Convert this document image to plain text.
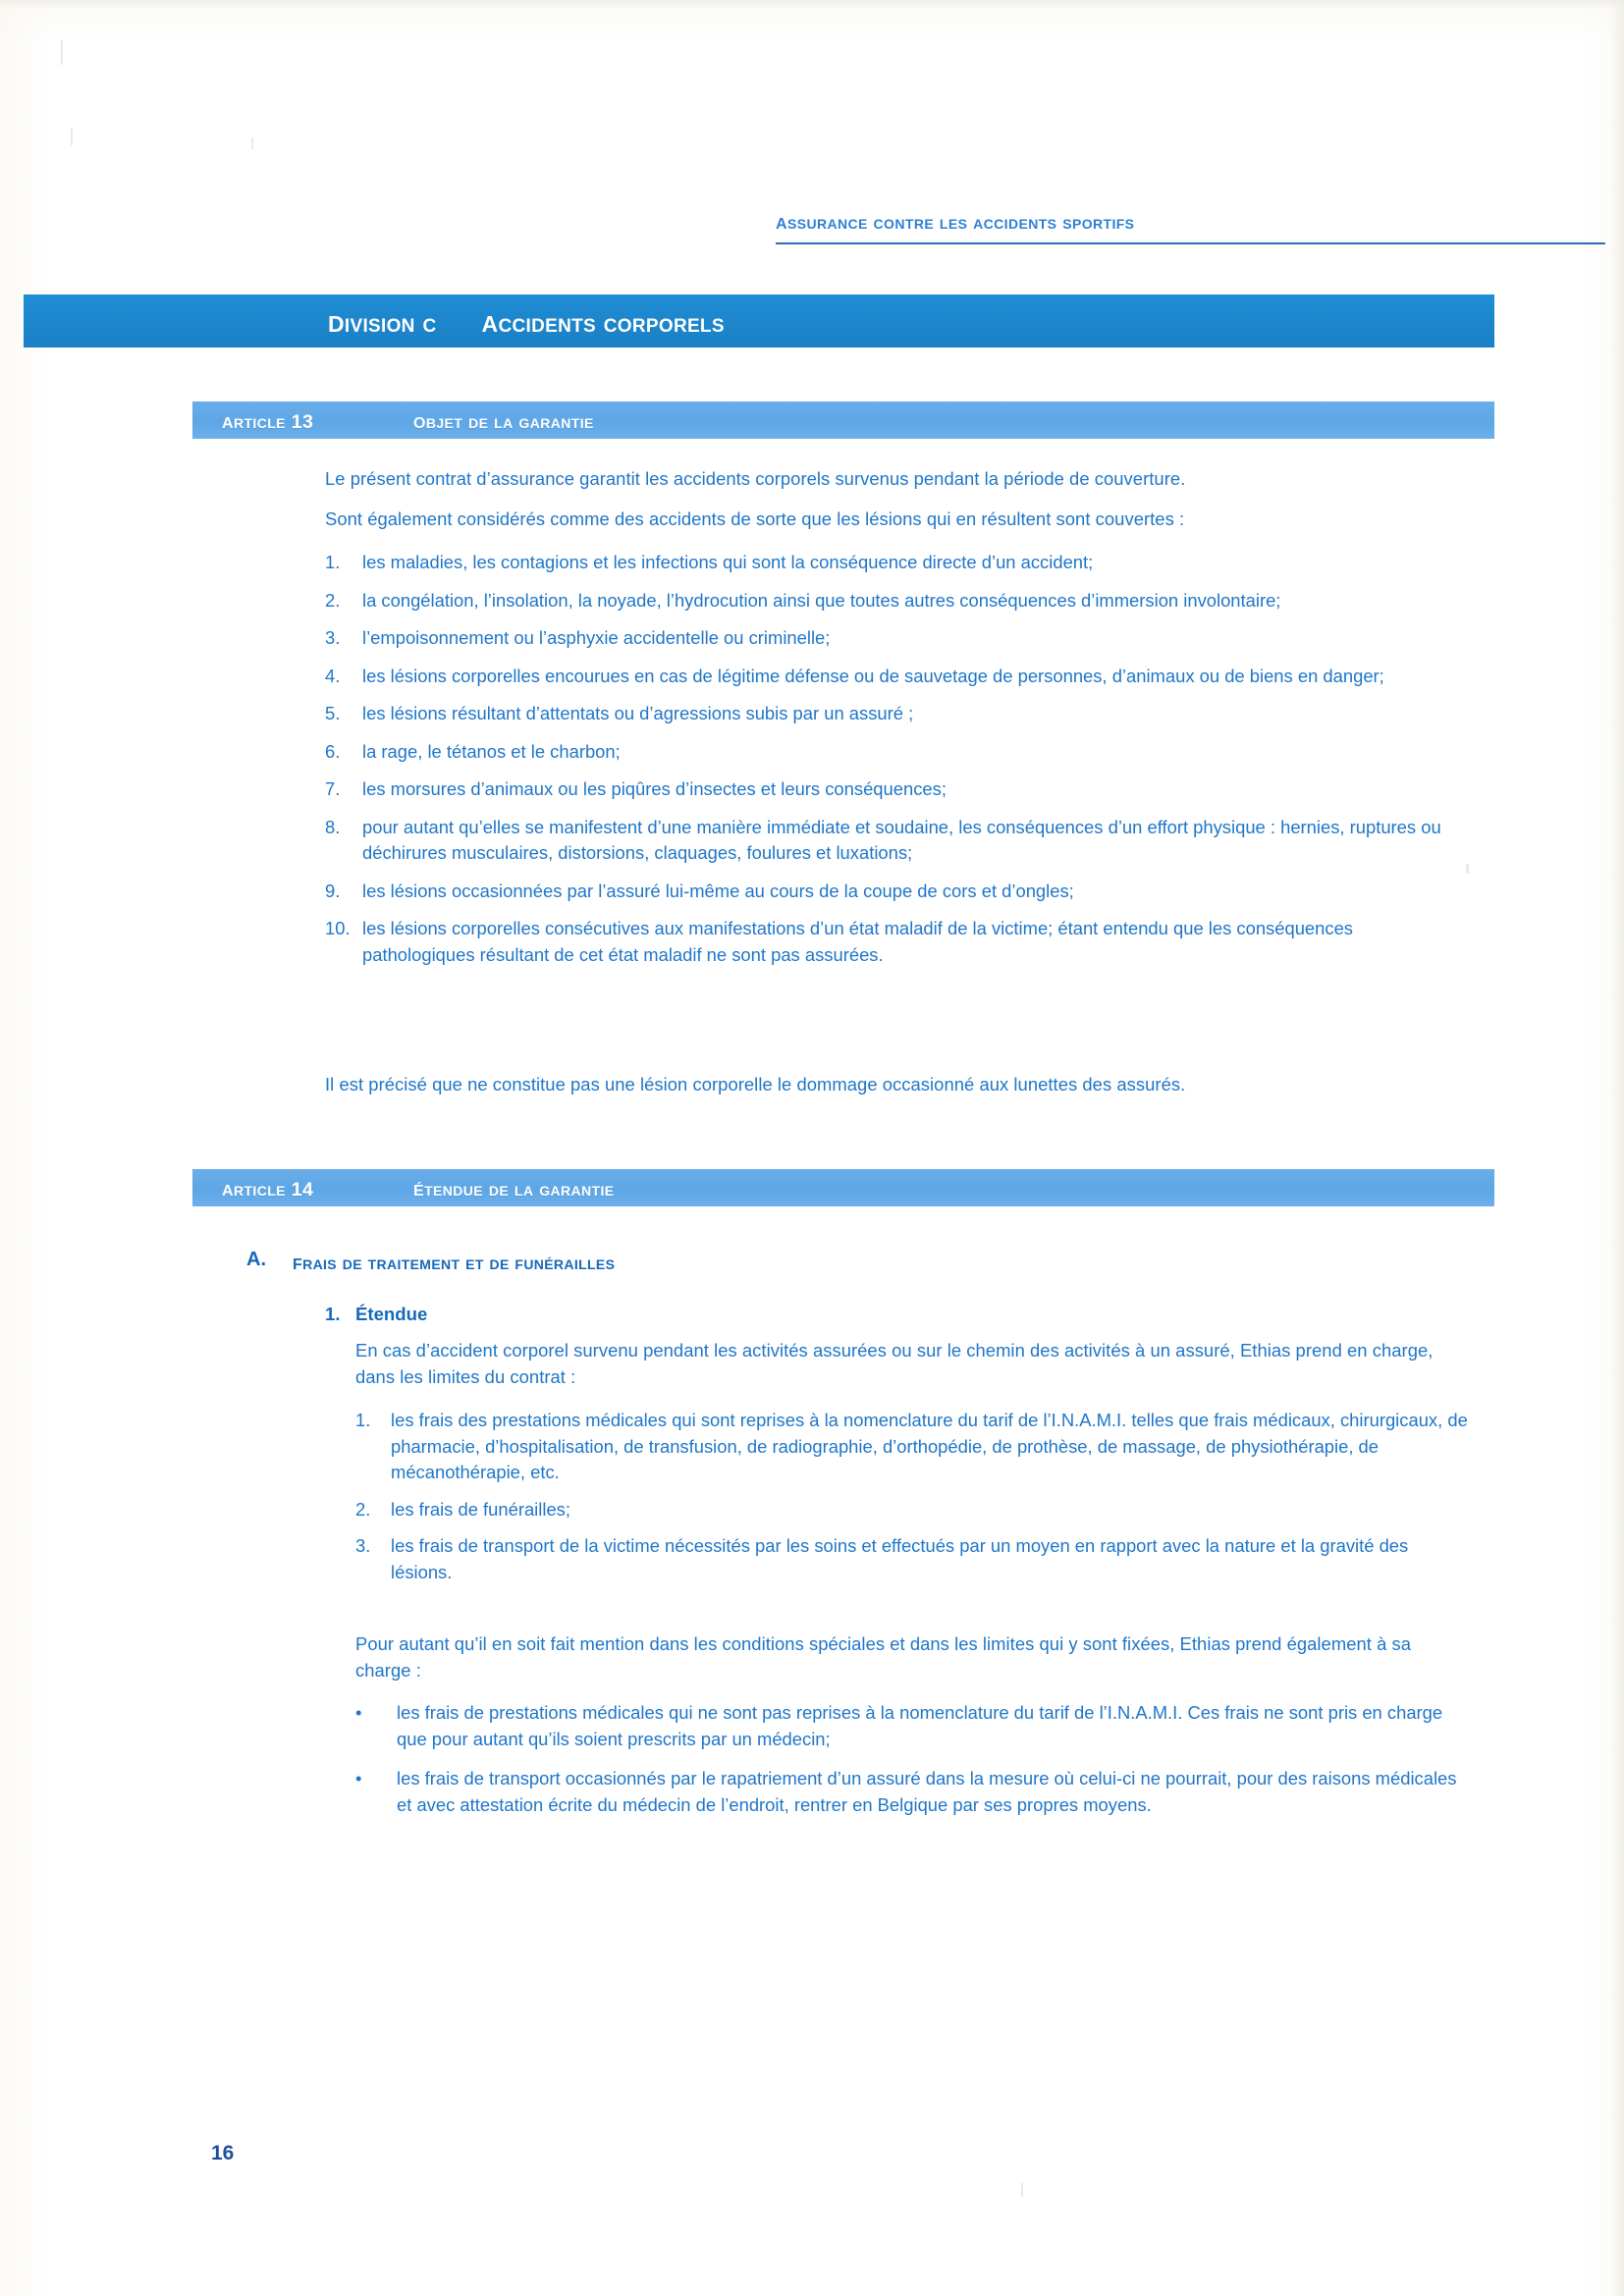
assurance contre les accidents sportifs
division c accidents corporels
article 13	objet de la garantie

Le présent contrat d’assurance garantit les accidents corporels survenus pendant la période de couverture.

Sont également considérés comme des accidents de sorte que les lésions qui en résultent sont couvertes :

1.	les maladies, les contagions et les infections qui sont la conséquence directe d’un accident;
2.	la congélation, l’insolation, la noyade, l’hydrocution ainsi que toutes autres conséquences d’immersion involontaire;
3.	l’empoisonnement ou l’asphyxie accidentelle ou criminelle;
4.	les lésions corporelles encourues en cas de légitime défense ou de sauvetage de personnes, d’animaux ou de biens en danger;
5.	les lésions résultant d’attentats ou d’agressions subis par un assuré ;
6.	la rage, le tétanos et le charbon;
7.	les morsures d’animaux ou les piqûres d’insectes et leurs conséquences;
8.	pour autant qu’elles se manifestent d’une manière immédiate et soudaine, les conséquences d’un effort physique : hernies, ruptures ou déchirures musculaires, distorsions, claquages, foulures et luxations;
9.	les lésions occasionnées par l’assuré lui-même au cours de la coupe de cors et d’ongles;
10. les lésions corporelles consécutives aux manifestations d’un état maladif de la victime; étant entendu que les conséquences pathologiques résultant de cet état maladif ne sont pas assurées.

Il est précisé que ne constitue pas une lésion corporelle le dommage occasionné aux lunettes des assurés.

article 14	étendue de la garantie
A.	frais de traitement et de funérailles
1. Étendue

En cas d’accident corporel survenu pendant les activités assurées ou sur le chemin des activités à un assuré, Ethias prend en charge, dans les limites du contrat :

1.	les frais des prestations médicales qui sont reprises à la nomenclature du tarif de l’I.N.A.M.I. telles que frais médicaux, chirurgicaux, de pharmacie, d’hospitalisation, de transfusion, de radiographie, d’orthopédie, de prothèse, de massage, de physiothérapie, de mécanothérapie, etc.
2.	les frais de funérailles;
3.	les frais de transport de la victime nécessités par les soins et effectués par un moyen en rapport avec la nature et la gravité des lésions.

Pour autant qu’il en soit fait mention dans les conditions spéciales et dans les limites qui y sont fixées, Ethias prend également à sa charge :

•	les frais de prestations médicales qui ne sont pas reprises à la nomenclature du tarif de l’I.N.A.M.I. Ces frais ne sont pris en charge que pour autant qu’ils soient prescrits par un médecin;
•	les frais de transport occasionnés par le rapatriement d’un assuré dans la mesure où celui-ci ne pourrait, pour des raisons médicales et avec attestation écrite du médecin de l’endroit, rentrer en Belgique par ses propres moyens.
16
